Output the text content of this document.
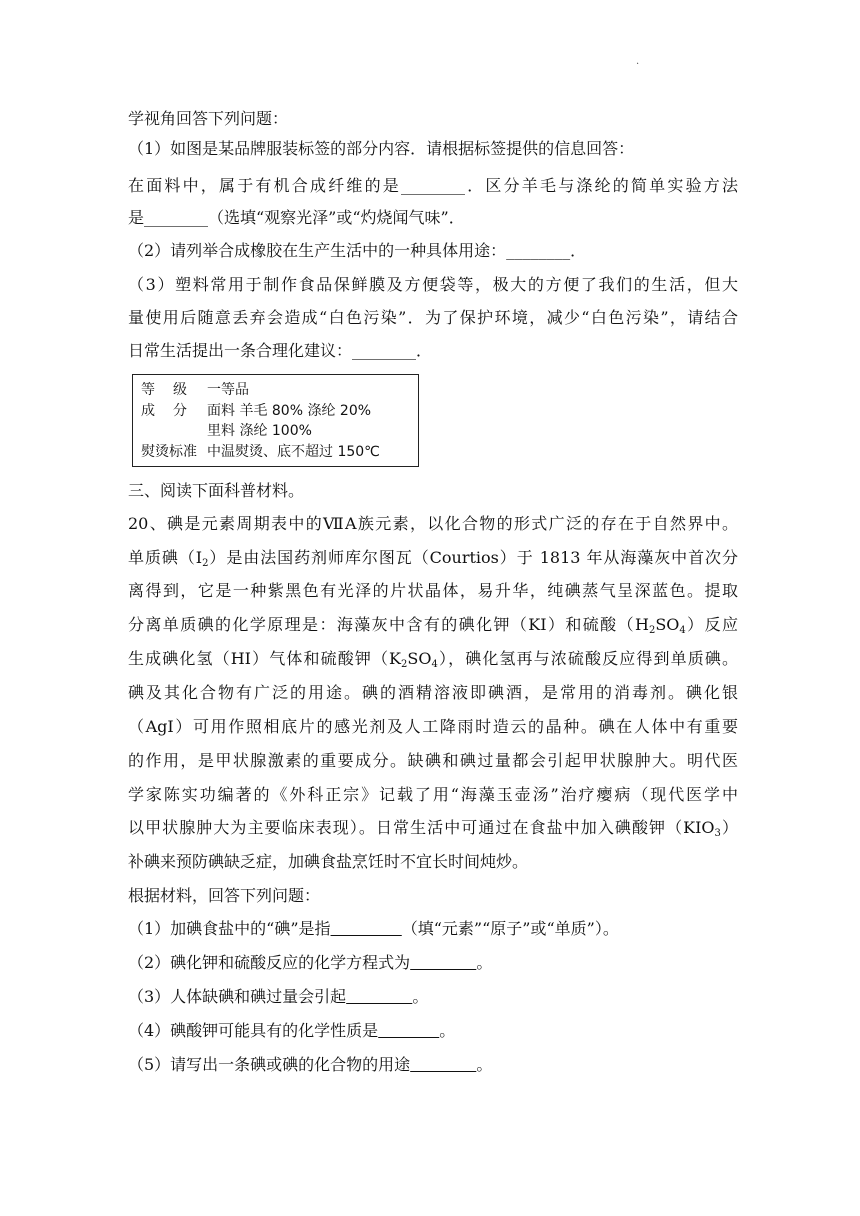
.
学视角回答下列问题：
（1）如图是某品牌服装标签的部分内容．请根据标签提供的信息回答：
在面料中，属于有机合成纤维的是________．区分羊毛与涤纶的简单实验方法
是________（选填“观察光泽”或“灼烧闻气味”．
（2）请列举合成橡胶在生产生活中的一种具体用途：________．
（3）塑料常用于制作食品保鲜膜及方便袋等，极大的方便了我们的生活，但大
量使用后随意丢弃会造成“白色污染”．为了保护环境，减少“白色污染”，请结合
日常生活提出一条合理化建议：________．
等级 一等品
成分 面料 羊毛 80% 涤纶 20%
里料 涤纶 100%
熨烫标准 中温熨烫、底不超过 150℃
三、阅读下面科普材料。
20、碘是元素周期表中的ⅦA族元素，以化合物的形式广泛的存在于自然界中。
单质碘$(I_2)$是由法国药剂师库尔图瓦（Courtios）于 1813 年从海藻灰中首次分
离得到，它是一种紫黑色有光泽的片状晶体，易升华，纯碘蒸气呈深蓝色。提取
分离单质碘的化学原理是：海藻灰中含有的碘化钾（KI）和硫酸$(H_2SO_4)$反应
生成碘化氢（HI）气体和硫酸钾$(K_2SO_4)$，碘化氢再与浓硫酸反应得到单质碘。
碘及其化合物有广泛的用途。碘的酒精溶液即碘酒，是常用的消毒剂。碘化银
（AgI）可用作照相底片的感光剂及人工降雨时造云的晶种。碘在人体中有重要
的作用，是甲状腺激素的重要成分。缺碘和碘过量都会引起甲状腺肿大。明代医
学家陈实功编著的《外科正宗》记载了用“海藻玉壶汤”治疗瘿病（现代医学中
以甲状腺肿大为主要临床表现）。日常生活中可通过在食盐中加入碘酸钾$(KIO_3)$
补碘来预防碘缺乏症，加碘食盐烹饪时不宜长时间炖炒。
根据材料，回答下列问题：
（1）加碘食盐中的“碘”是指	（填“元素”“原子”或“单质”）。
（2）碘化钾和硫酸反应的化学方程式为	。
（3）人体缺碘和碘过量会引起	。
（4）碘酸钾可能具有的化学性质是	。
（5）请写出一条碘或碘的化合物的用途	。
